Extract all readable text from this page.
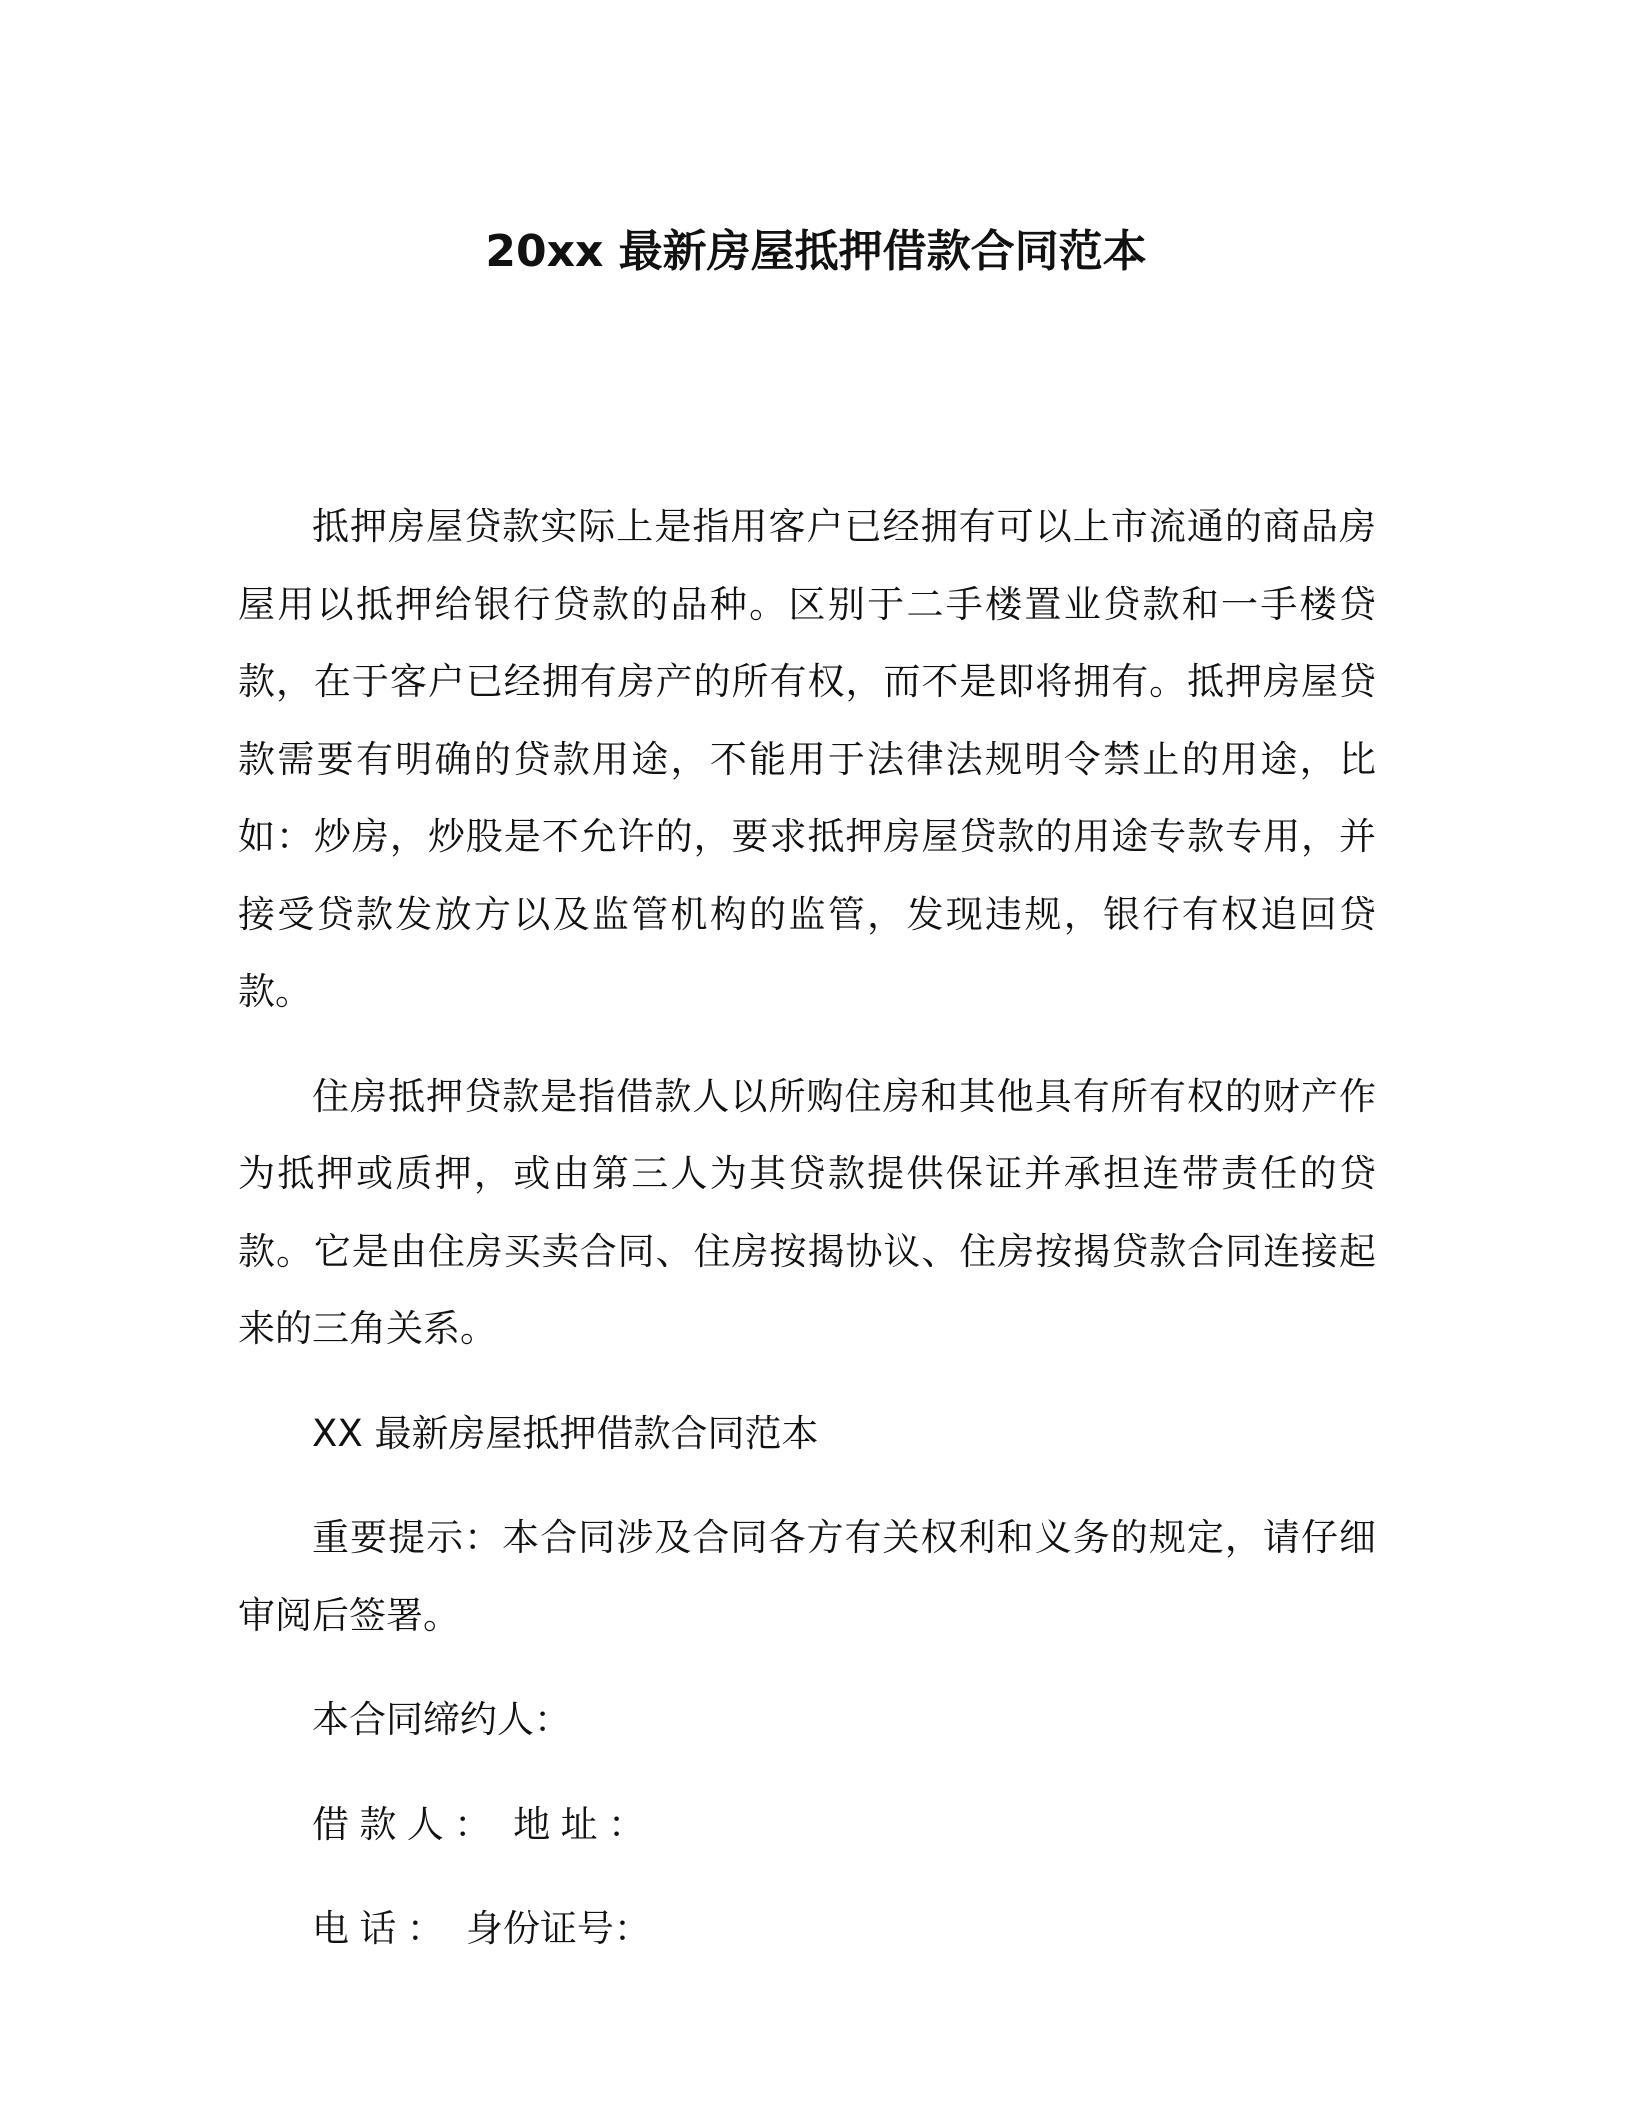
20xx 最新房屋抵押借款合同范本

抵押房屋贷款实际上是指用客户已经拥有可以上市流通的商品房屋用以抵押给银行贷款的品种。区别于二手楼置业贷款和一手楼贷款，在于客户已经拥有房产的所有权，而不是即将拥有。抵押房屋贷款需要有明确的贷款用途，不能用于法律法规明令禁止的用途，比如：炒房，炒股是不允许的，要求抵押房屋贷款的用途专款专用，并接受贷款发放方以及监管机构的监管，发现违规，银行有权追回贷款。

住房抵押贷款是指借款人以所购住房和其他具有所有权的财产作为抵押或质押，或由第三人为其贷款提供保证并承担连带责任的贷款。它是由住房买卖合同、住房按揭协议、住房按揭贷款合同连接起来的三角关系。

XX 最新房屋抵押借款合同范本

重要提示：本合同涉及合同各方有关权利和义务的规定，请仔细审阅后签署。

本合同缔约人：

借款人： 地址：
电话： 身份证号：
